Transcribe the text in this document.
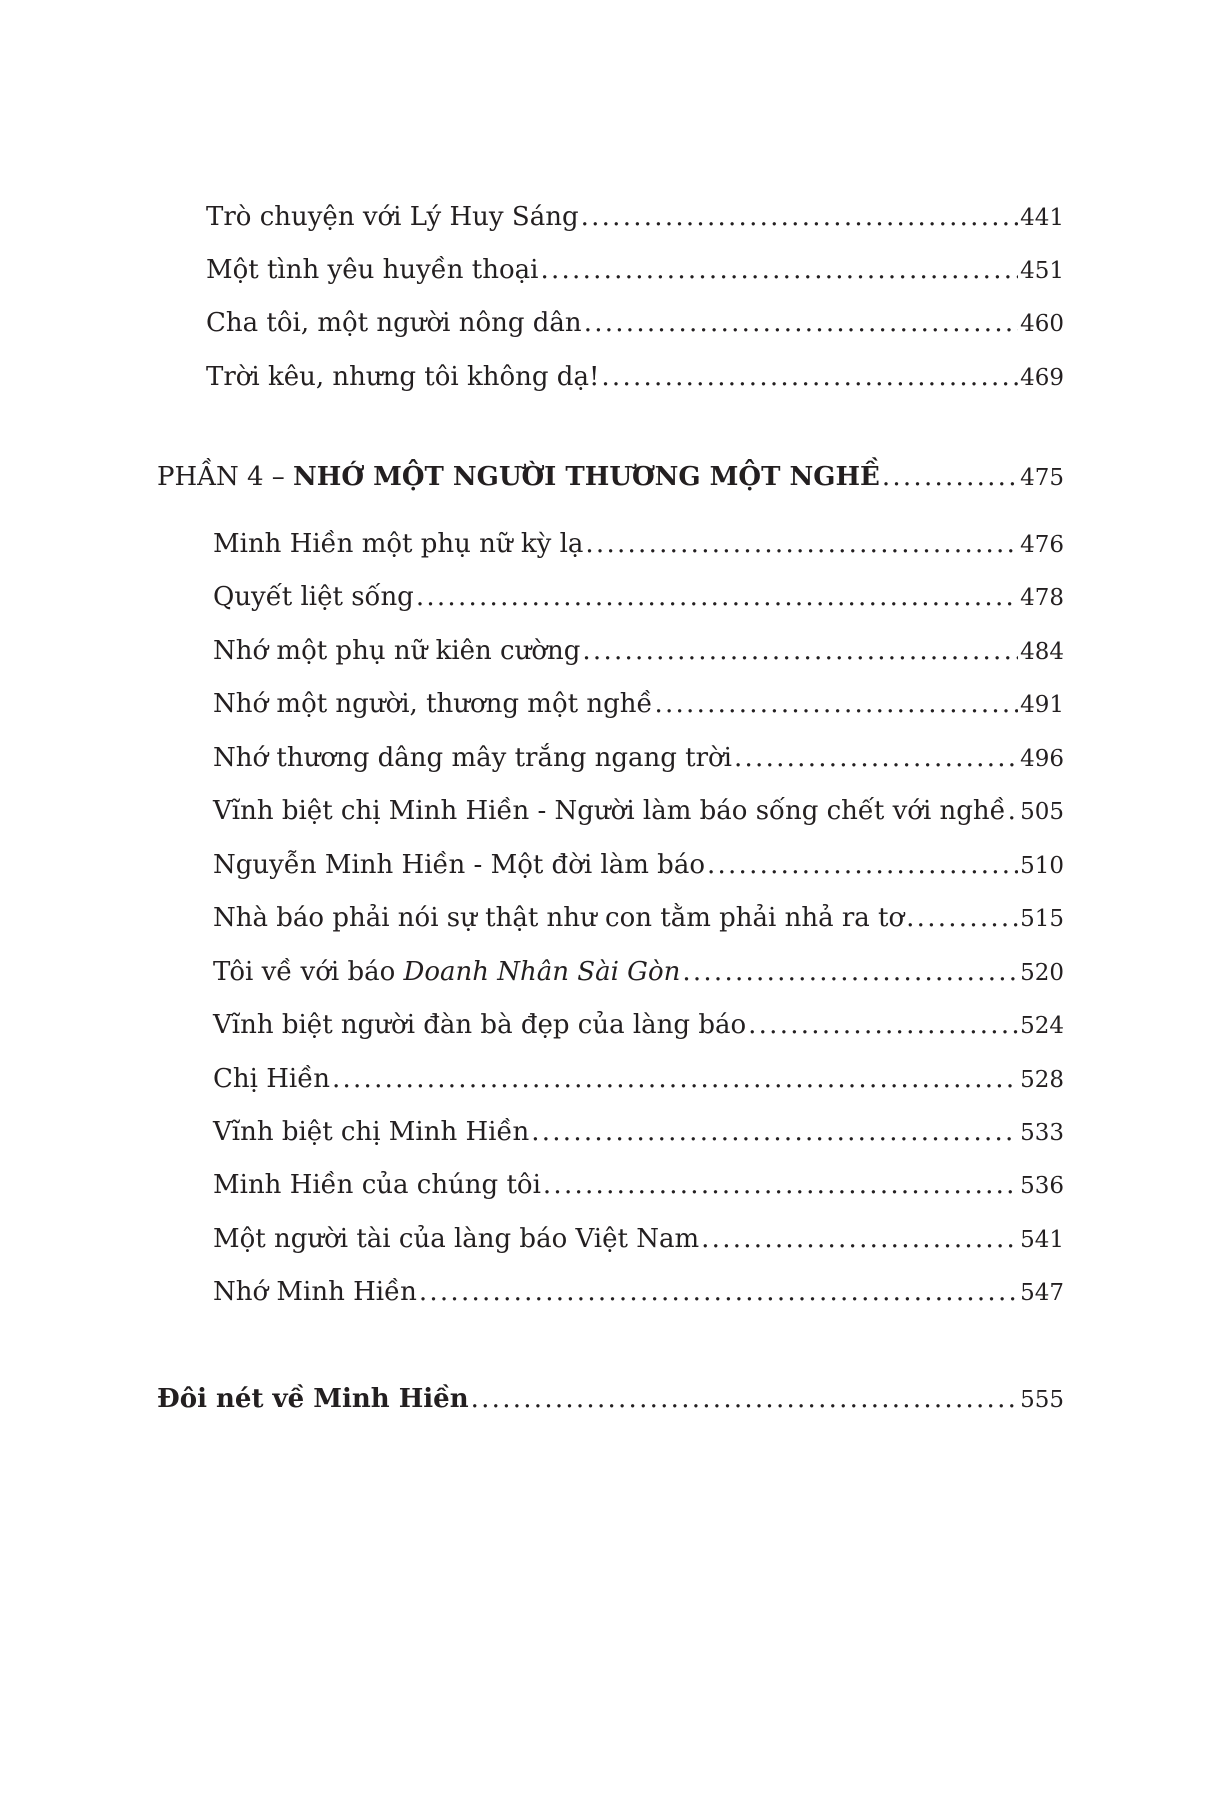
Trò chuyện với Lý Huy Sáng . . .	441
Một tình yêu huyền thoại . . .	451
Cha tôi, một người nông dân . . .	460
Trời kêu, nhưng tôi không dạ! . . .	469
PHẦN 4 – NHỚ MỘT NGƯỜI THƯƠNG MỘT NGHỀ . . .	475
Minh Hiền một phụ nữ kỳ lạ . . .	476
Quyết liệt sống . . .	478
Nhớ một phụ nữ kiên cường . . .	484
Nhớ một người, thương một nghề . . .	491
Nhớ thương dâng mây trắng ngang trời . . .	496
Vĩnh biệt chị Minh Hiền - Người làm báo sống chết với nghề . . . 505
Nguyễn Minh Hiền - Một đời làm báo . . .	510
Nhà báo phải nói sự thật như con tằm phải nhả ra tơ . . .	515
Tôi về với báo Doanh Nhân Sài Gòn . . .	520
Vĩnh biệt người đàn bà đẹp của làng báo . . .	524
Chị Hiền . . .	528
Vĩnh biệt chị Minh Hiền . . .	533
Minh Hiền của chúng tôi . . .	536
Một người tài của làng báo Việt Nam . . .	541
Nhớ Minh Hiền . . .	547
Đôi nét về Minh Hiền . . .	555
